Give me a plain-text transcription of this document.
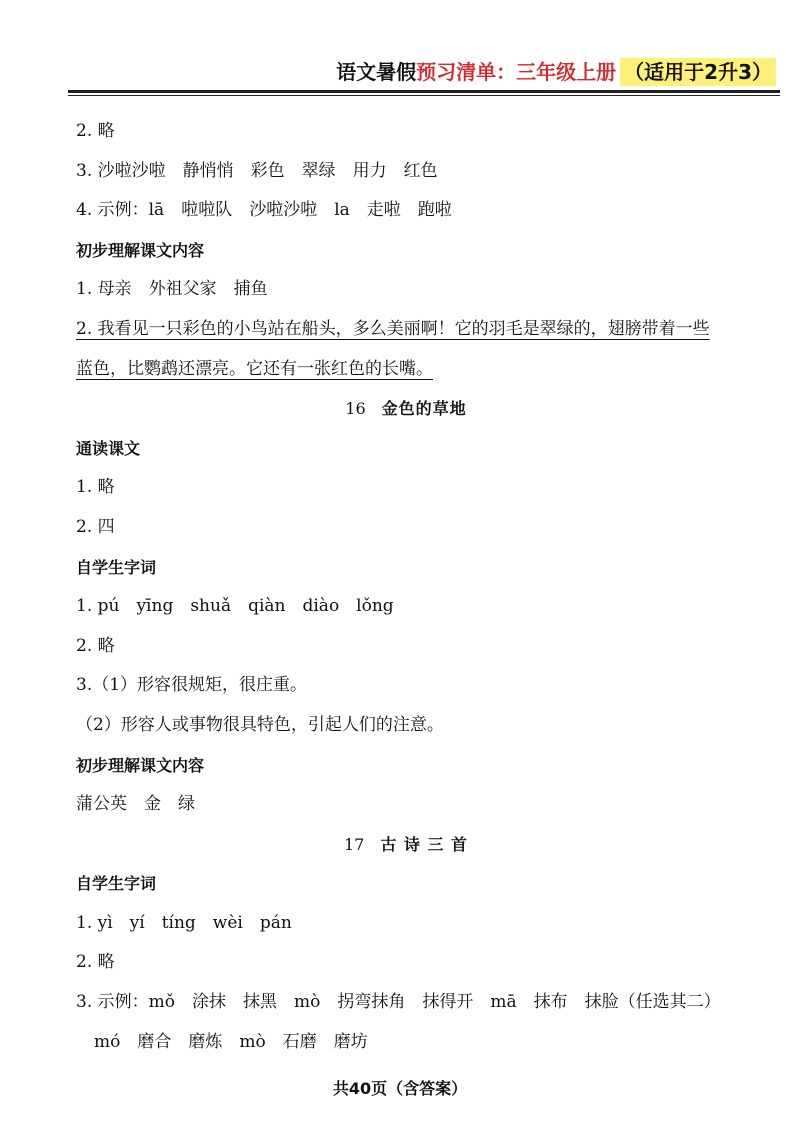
语文暑假预习清单：三年级上册 （适用于2升3）
2. 略
3. 沙啦沙啦　静悄悄　彩色　翠绿　用力　红色
4. 示例：lā　啦啦队　沙啦沙啦　la　走啦　跑啦
初步理解课文内容
1. 母亲　外祖父家　捕鱼
2. 我看见一只彩色的小鸟站在船头，多么美丽啊！它的羽毛是翠绿的，翅膀带着一些
蓝色，比鹦鹉还漂亮。它还有一张红色的长嘴。
16 金色的草地
通读课文
1. 略
2. 四
自学生字词
1. pú　yīng　shuǎ　qiàn　diào　lǒng
2. 略
3.（1）形容很规矩，很庄重。
（2）形容人或事物很具特色，引起人们的注意。
初步理解课文内容
蒲公英　金　绿
17 古 诗 三 首
自学生字词
1. yì　yí　tíng　wèi　pán
2. 略
3. 示例：mǒ　涂抹　抹黑　mò　拐弯抹角　抹得开　mā　抹布　抹脸（任选其二）
mó　磨合　磨炼　mò　石磨　磨坊
共40页（含答案）
